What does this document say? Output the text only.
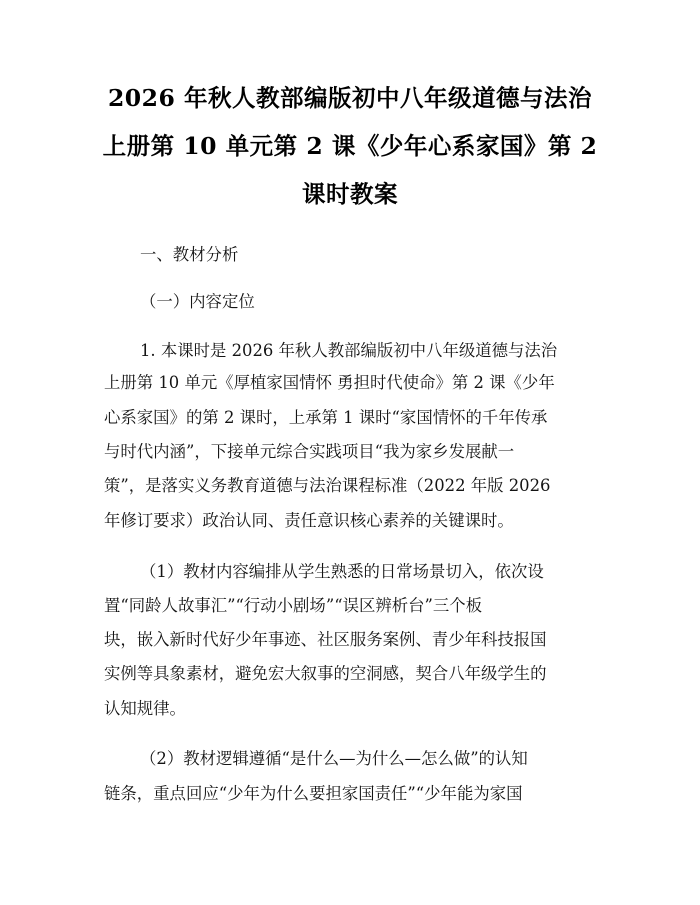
2026 年秋人教部编版初中八年级道德与法治
上册第 10 单元第 2 课《少年心系家国》第 2
课时教案
一、教材分析
（一）内容定位
1. 本课时是 2026 年秋人教部编版初中八年级道德与法治
上册第 10 单元《厚植家国情怀 勇担时代使命》第 2 课《少年
心系家国》的第 2 课时，上承第 1 课时“家国情怀的千年传承
与时代内涵”，下接单元综合实践项目“我为家乡发展献一
策”，是落实义务教育道德与法治课程标准（2022 年版 2026
年修订要求）政治认同、责任意识核心素养的关键课时。
（1）教材内容编排从学生熟悉的日常场景切入，依次设
置“同龄人故事汇”“行动小剧场”“误区辨析台”三个板
块，嵌入新时代好少年事迹、社区服务案例、青少年科技报国
实例等具象素材，避免宏大叙事的空洞感，契合八年级学生的
认知规律。
（2）教材逻辑遵循“是什么—为什么—怎么做”的认知
链条，重点回应“少年为什么要担家国责任”“少年能为家国
